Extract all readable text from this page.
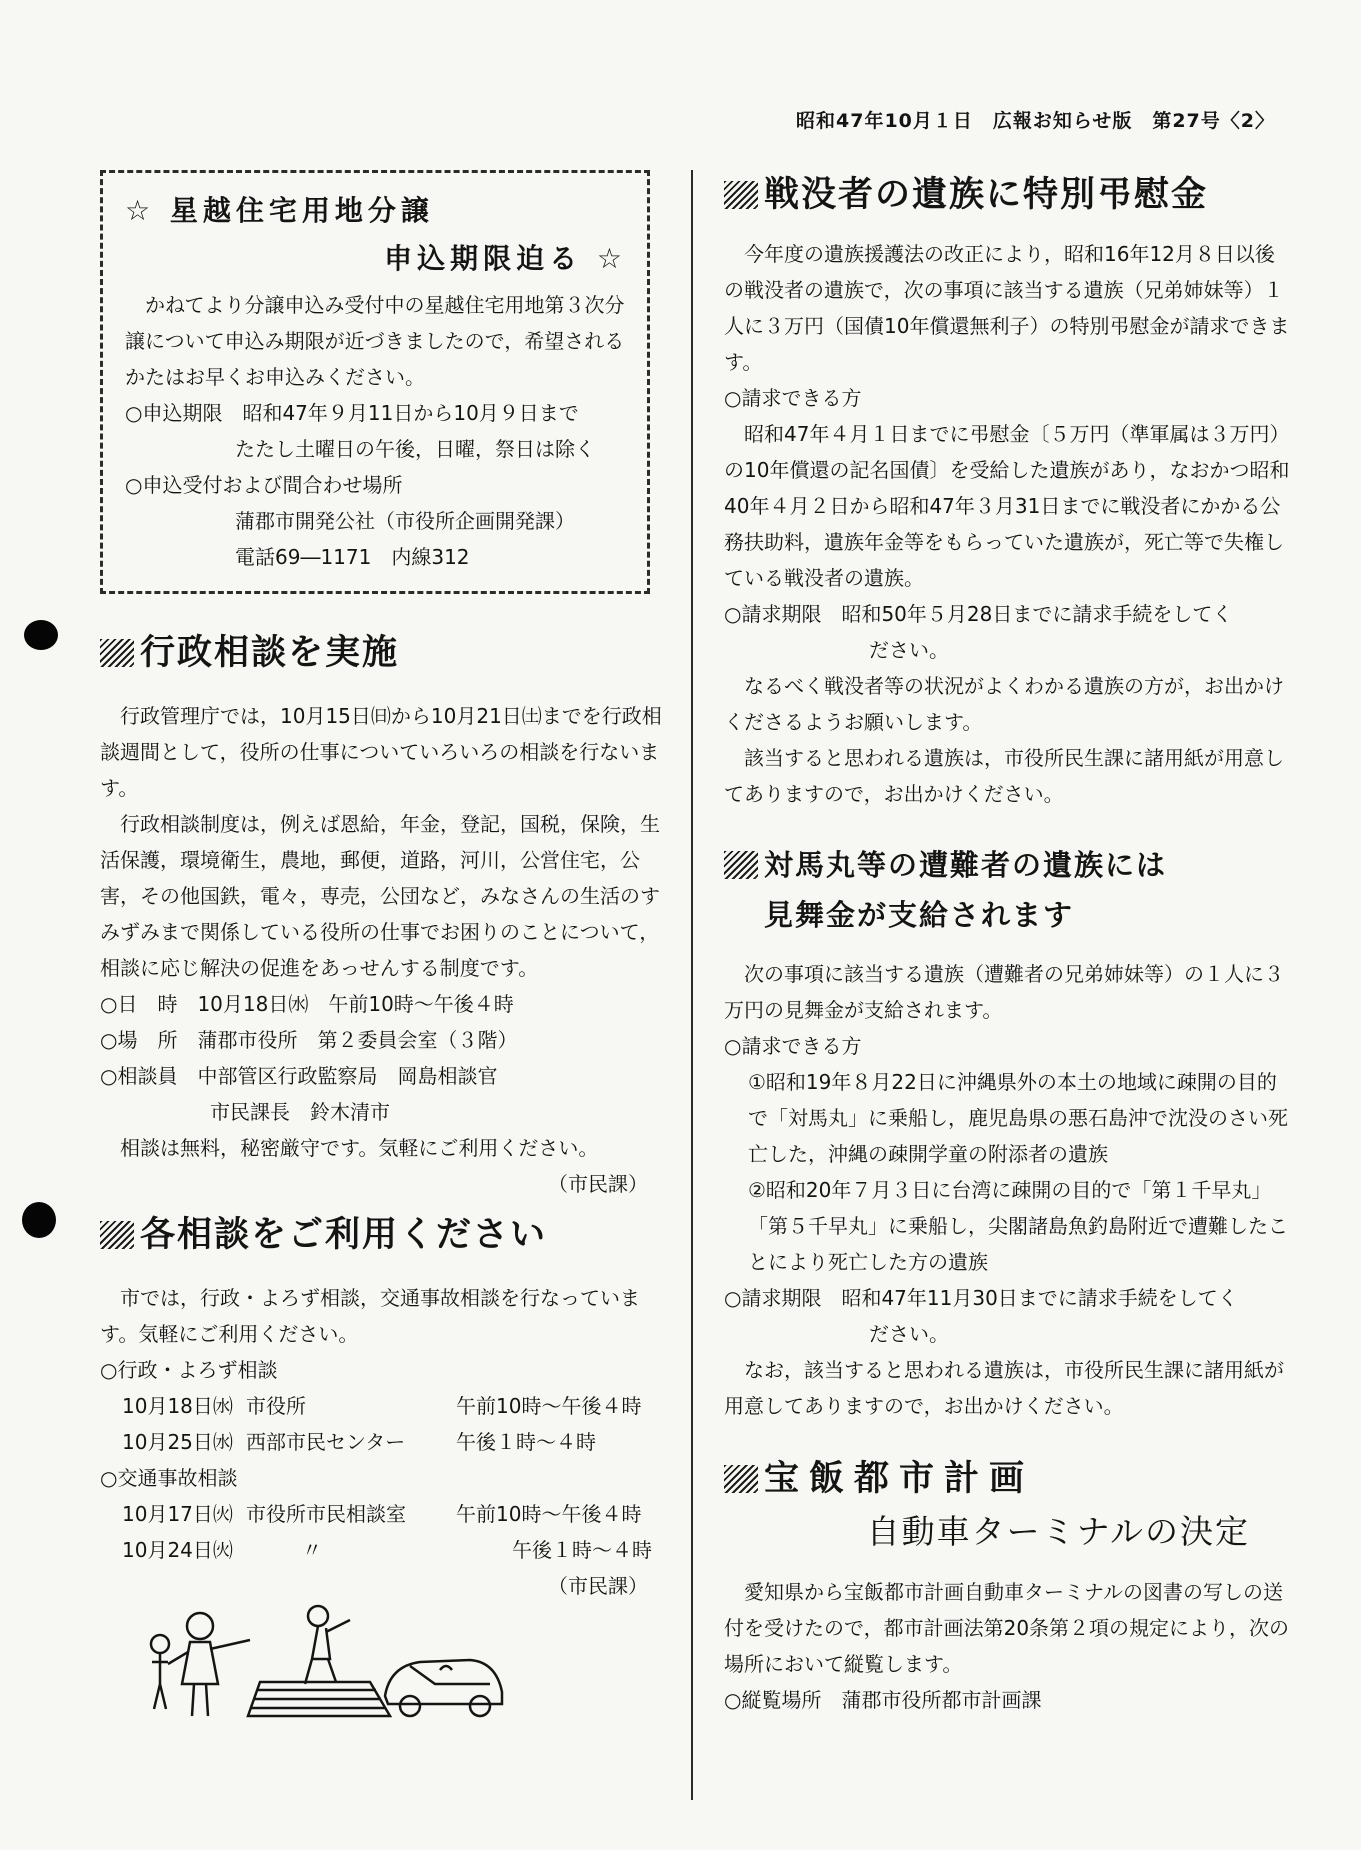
昭和47年10月１日　広報お知らせ版　第27号〈2〉

☆ 星越住宅用地分譲

申込期限迫る ☆

かねてより分譲申込み受付中の星越住宅用地第３次分譲について申込み期限が近づきましたので，希望されるかたはお早くお申込みください。

○申込期限　昭和47年９月11日から10月９日まで

たたし土曜日の午後，日曜，祭日は除く

○申込受付および間合わせ場所

蒲郡市開発公社（市役所企画開発課）

電話69―1171　内線312

行政相談を実施

行政管理庁では，10月15日㈰から10月21日㈯までを行政相談週間として，役所の仕事についていろいろの相談を行ないます。

行政相談制度は，例えば恩給，年金，登記，国税，保険，生活保護，環境衛生，農地，郵便，道路，河川，公営住宅，公害，その他国鉄，電々，専売，公団など，みなさんの生活のすみずみまで関係している役所の仕事でお困りのことについて，相談に応じ解決の促進をあっせんする制度です。

○日　時　10月18日㈬　午前10時～午後４時

○場　所　蒲郡市役所　第２委員会室（３階）

○相談員　中部管区行政監察局　岡島相談官

市民課長　鈴木清市

相談は無料，秘密厳守です。気軽にご利用ください。

（市民課）

各相談をご利用ください

市では，行政・よろず相談，交通事故相談を行なっています。気軽にご利用ください。

○行政・よろず相談

10月18日㈬ 市役所	午前10時～午後４時
10月25日㈬ 西部市民センター	午後１時～４時

○交通事故相談

10月17日㈫ 市役所市民相談室	午前10時～午後４時
10月24日㈫	〃	午後１時～４時

（市民課）

戦没者の遺族に特別弔慰金

今年度の遺族援護法の改正により，昭和16年12月８日以後の戦没者の遺族で，次の事項に該当する遺族（兄弟姉妹等）１人に３万円（国債10年償還無利子）の特別弔慰金が請求できます。

○請求できる方

昭和47年４月１日までに弔慰金〔５万円（準軍属は３万円）の10年償還の記名国債〕を受給した遺族があり，なおかつ昭和40年４月２日から昭和47年３月31日までに戦没者にかかる公務扶助料，遺族年金等をもらっていた遺族が，死亡等で失権している戦没者の遺族。

○請求期限　昭和50年５月28日までに請求手続をしてく

ださい。

なるべく戦没者等の状況がよくわかる遺族の方が，お出かけくださるようお願いします。

該当すると思われる遺族は，市役所民生課に諸用紙が用意してありますので，お出かけください。

対馬丸等の遭難者の遺族には

見舞金が支給されます

次の事項に該当する遺族（遭難者の兄弟姉妹等）の１人に３万円の見舞金が支給されます。

○請求できる方

①昭和19年８月22日に沖縄県外の本土の地域に疎開の目的で「対馬丸」に乗船し，鹿児島県の悪石島沖で沈没のさい死亡した，沖縄の疎開学童の附添者の遺族

②昭和20年７月３日に台湾に疎開の目的で「第１千早丸」「第５千早丸」に乗船し，尖閣諸島魚釣島附近で遭難したことにより死亡した方の遺族

○請求期限　昭和47年11月30日までに請求手続をしてく

ださい。

なお，該当すると思われる遺族は，市役所民生課に諸用紙が用意してありますので，お出かけください。

宝飯都市計画

自動車ターミナルの決定

愛知県から宝飯都市計画自動車ターミナルの図書の写しの送付を受けたので，都市計画法第20条第２項の規定により，次の場所において縦覧します。

○縦覧場所　蒲郡市役所都市計画課
